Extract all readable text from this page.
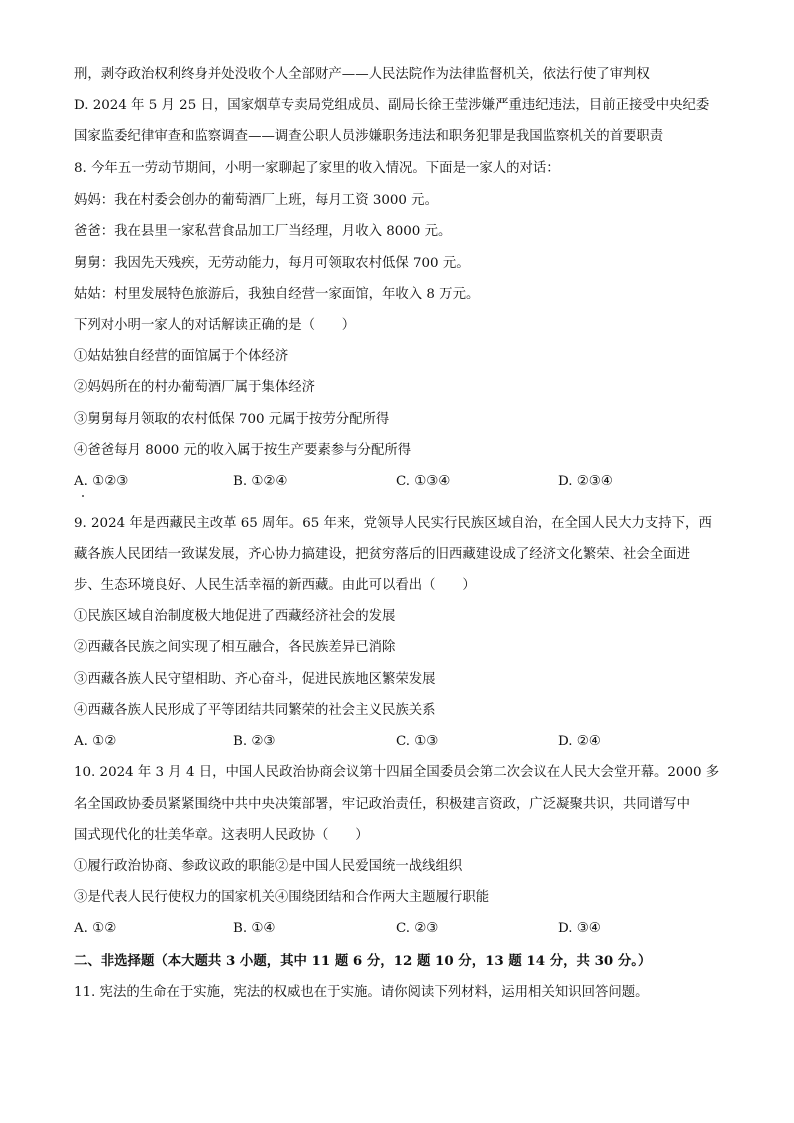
刑，剥夺政治权利终身并处没收个人全部财产——人民法院作为法律监督机关，依法行使了审判权
D. 2024 年 5 月 25 日，国家烟草专卖局党组成员、副局长徐王莹涉嫌严重违纪违法，目前正接受中央纪委
国家监委纪律审查和监察调查——调查公职人员涉嫌职务违法和职务犯罪是我国监察机关的首要职责
8. 今年五一劳动节期间，小明一家聊起了家里的收入情况。下面是一家人的对话：
妈妈：我在村委会创办的葡萄酒厂上班，每月工资 3000 元。
爸爸：我在县里一家私营食品加工厂当经理，月收入 8000 元。
舅舅：我因先天残疾，无劳动能力，每月可领取农村低保 700 元。
姑姑：村里发展特色旅游后，我独自经营一家面馆，年收入 8 万元。
下列对小明一家人的对话解读正确的是（　　）
①姑姑独自经营的面馆属于个体经济
②妈妈所在的村办葡萄酒厂属于集体经济
③舅舅每月领取的农村低保 700 元属于按劳分配所得
④爸爸每月 8000 元的收入属于按生产要素参与分配所得
A. ①②③	B. ①②④	C. ①③④	D. ②③④
9. 2024 年是西藏民主改革 65 周年。65 年来，党领导人民实行民族区域自治，在全国人民大力支持下，西
藏各族人民团结一致谋发展，齐心协力搞建设，把贫穷落后的旧西藏建设成了经济文化繁荣、社会全面进
步、生态环境良好、人民生活幸福的新西藏。由此可以看出（　　）
①民族区域自治制度极大地促进了西藏经济社会的发展
②西藏各民族之间实现了相互融合，各民族差异已消除
③西藏各族人民守望相助、齐心奋斗，促进民族地区繁荣发展
④西藏各族人民形成了平等团结共同繁荣的社会主义民族关系
A. ①②	B. ②③	C. ①③	D. ②④
10. 2024 年 3 月 4 日，中国人民政治协商会议第十四届全国委员会第二次会议在人民大会堂开幕。2000 多
名全国政协委员紧紧围绕中共中央决策部署，牢记政治责任，积极建言资政，广泛凝聚共识，共同谱写中
国式现代化的壮美华章。这表明人民政协（　　）
①履行政治协商、参政议政的职能②是中国人民爱国统一战线组织
③是代表人民行使权力的国家机关④围绕团结和合作两大主题履行职能
A. ①②	B. ①④	C. ②③	D. ③④
二、非选择题（本大题共 3 小题，其中 11 题 6 分，12 题 10 分，13 题 14 分，共 30 分。）
11. 宪法的生命在于实施，宪法的权威也在于实施。请你阅读下列材料，运用相关知识回答问题。
